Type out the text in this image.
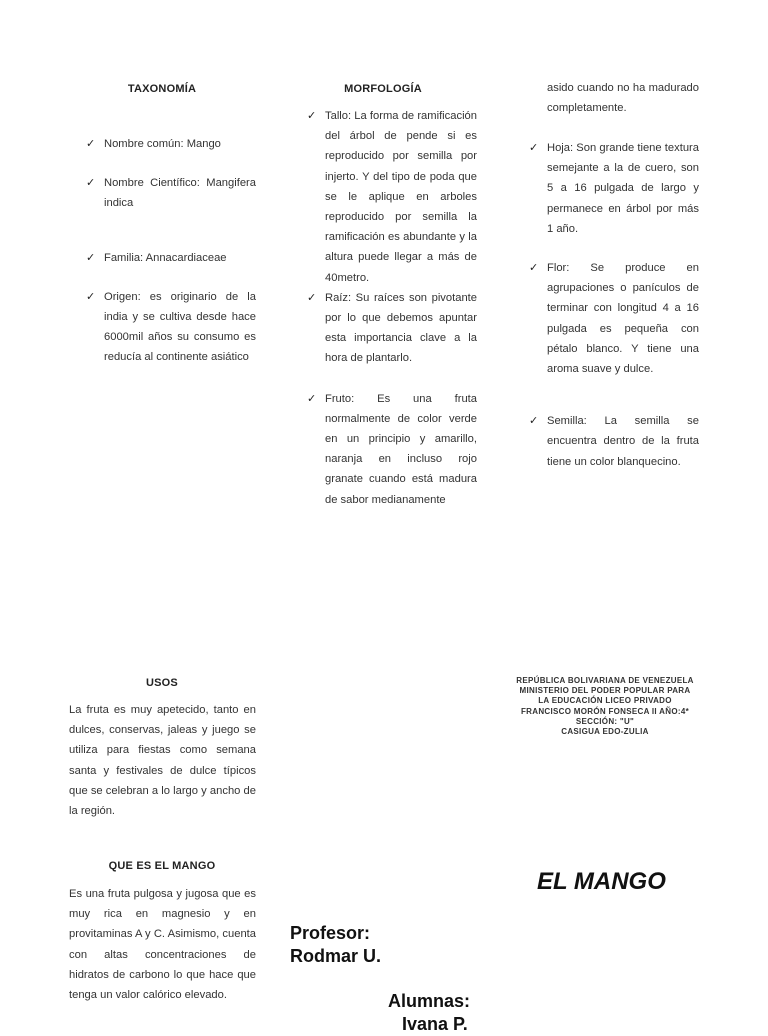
TAXONOMÍA
✓ Nombre común: Mango
✓ Nombre Científico: Mangifera indica
✓ Familia: Annacardiaceae
✓ Origen: es originario de la india y se cultiva desde hace 6000mil años su consumo es reducía al continente asiático
MORFOLOGÍA
✓ Tallo: La forma de ramificación del árbol de pende si es reproducido por semilla por injerto. Y del tipo de poda que se le aplique en arboles reproducido por semilla la ramificación es abundante y la altura puede llegar a más de 40metro.
✓ Raíz: Su raíces son pivotante por lo que debemos apuntar esta importancia clave a la hora de plantarlo.
✓ Fruto: Es una fruta normalmente de color verde en un principio y amarillo, naranja en incluso rojo granate cuando está madura de sabor medianamente
asido cuando no ha madurado completamente.
✓ Hoja: Son grande tiene textura semejante a la de cuero, son 5 a 16 pulgada de largo y permanece en árbol por más 1 año.
✓ Flor: Se produce en agrupaciones o panículos de terminar con longitud 4 a 16 pulgada es pequeña con pétalo blanco. Y tiene una aroma suave y dulce.
✓ Semilla: La semilla se encuentra dentro de la fruta tiene un color blanquecino.
USOS
La fruta es muy apetecido, tanto en dulces, conservas, jaleas y juego se utiliza para fiestas como semana santa y festivales de dulce típicos que se celebran a lo largo y ancho de la región.
QUE ES EL MANGO
Es una fruta pulgosa y jugosa que es muy rica en magnesio y en provitaminas A y C. Asimismo, cuenta con altas concentraciones de hidratos de carbono lo que hace que tenga un valor calórico elevado.
REPÚBLICA BOLIVARIANA DE VENEZUELA
MINISTERIO DEL PODER POPULAR PARA
LA EDUCACIÓN LICEO PRIVADO
FRANCISCO MORÓN FONSECA II AÑO:4*
SECCIÓN: "U"
CASIGUA EDO-ZULIA
EL MANGO
Profesor:
Rodmar U.
Alumnas:
Ivana P.
